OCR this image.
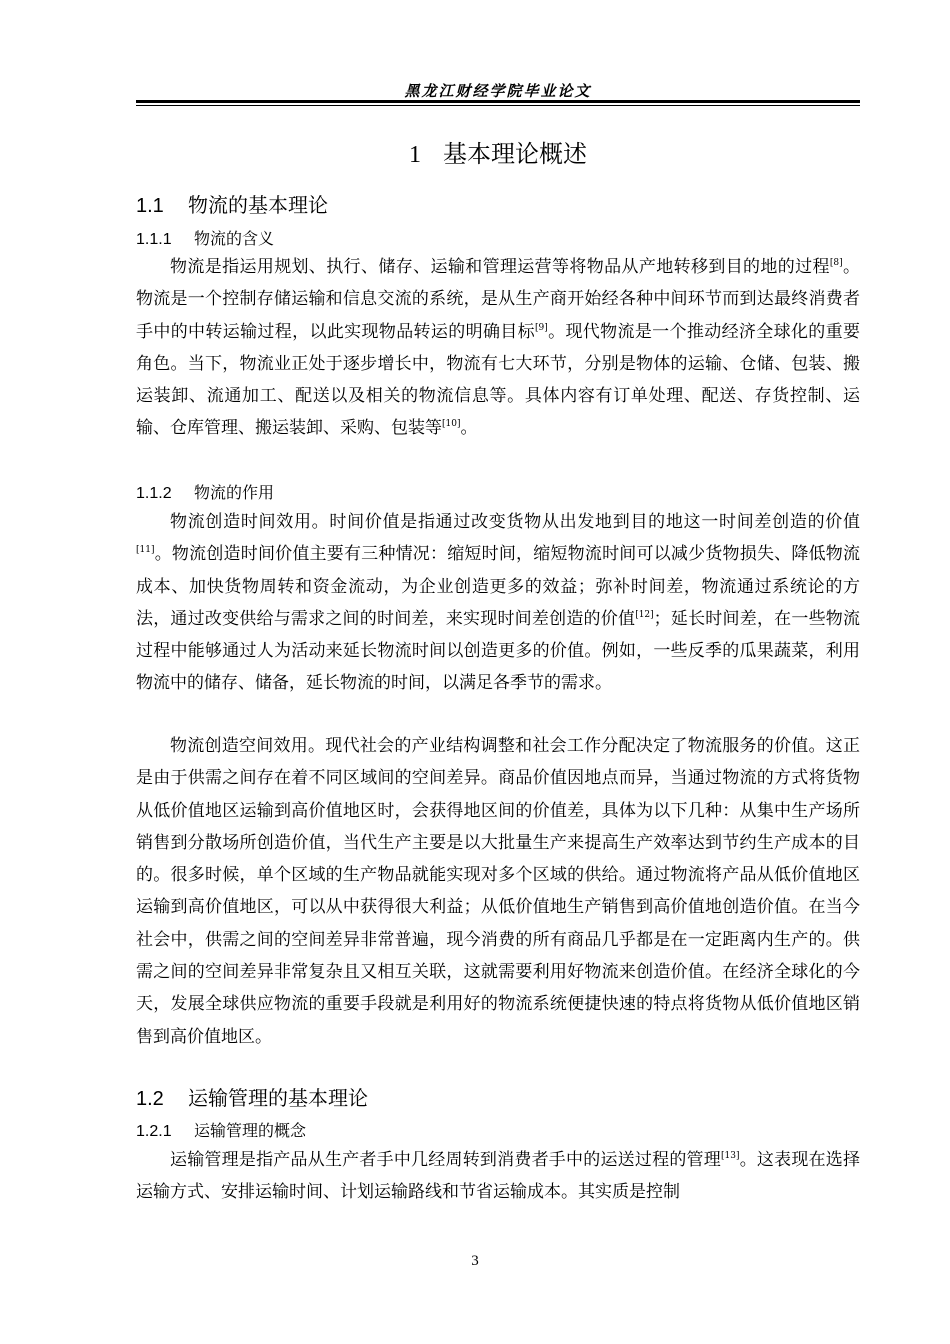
黑龙江财经学院毕业论文
1 基本理论概述
1.1 物流的基本理论
1.1.1 物流的含义

物流是指运用规划、执行、储存、运输和管理运营等将物品从产地转移到目的地的过程[8]。物流是一个控制存储运输和信息交流的系统，是从生产商开始经各种中间环节而到达最终消费者手中的中转运输过程，以此实现物品转运的明确目标[9]。现代物流是一个推动经济全球化的重要角色。当下，物流业正处于逐步增长中，物流有七大环节，分别是物体的运输、仓储、包装、搬运装卸、流通加工、配送以及相关的物流信息等。具体内容有订单处理、配送、存货控制、运输、仓库管理、搬运装卸、采购、包装等[10]。

1.1.2 物流的作用

物流创造时间效用。时间价值是指通过改变货物从出发地到目的地这一时间差创造的价值[11]。物流创造时间价值主要有三种情况：缩短时间，缩短物流时间可以减少货物损失、降低物流成本、加快货物周转和资金流动，为企业创造更多的效益；弥补时间差，物流通过系统论的方法，通过改变供给与需求之间的时间差，来实现时间差创造的价值[12]；延长时间差，在一些物流过程中能够通过人为活动来延长物流时间以创造更多的价值。例如，一些反季的瓜果蔬菜，利用物流中的储存、储备，延长物流的时间，以满足各季节的需求。

物流创造空间效用。现代社会的产业结构调整和社会工作分配决定了物流服务的价值。这正是由于供需之间存在着不同区域间的空间差异。商品价值因地点而异，当通过物流的方式将货物从低价值地区运输到高价值地区时，会获得地区间的价值差，具体为以下几种：从集中生产场所销售到分散场所创造价值，当代生产主要是以大批量生产来提高生产效率达到节约生产成本的目的。很多时候，单个区域的生产物品就能实现对多个区域的供给。通过物流将产品从低价值地区运输到高价值地区，可以从中获得很大利益；从低价值地生产销售到高价值地创造价值。在当今社会中，供需之间的空间差异非常普遍，现今消费的所有商品几乎都是在一定距离内生产的。供需之间的空间差异非常复杂且又相互关联，这就需要利用好物流来创造价值。在经济全球化的今天，发展全球供应物流的重要手段就是利用好的物流系统便捷快速的特点将货物从低价值地区销售到高价值地区。

1.2 运输管理的基本理论
1.2.1 运输管理的概念

运输管理是指产品从生产者手中几经周转到消费者手中的运送过程的管理[13]。这表现在选择运输方式、安排运输时间、计划运输路线和节省运输成本。其实质是控制

3
